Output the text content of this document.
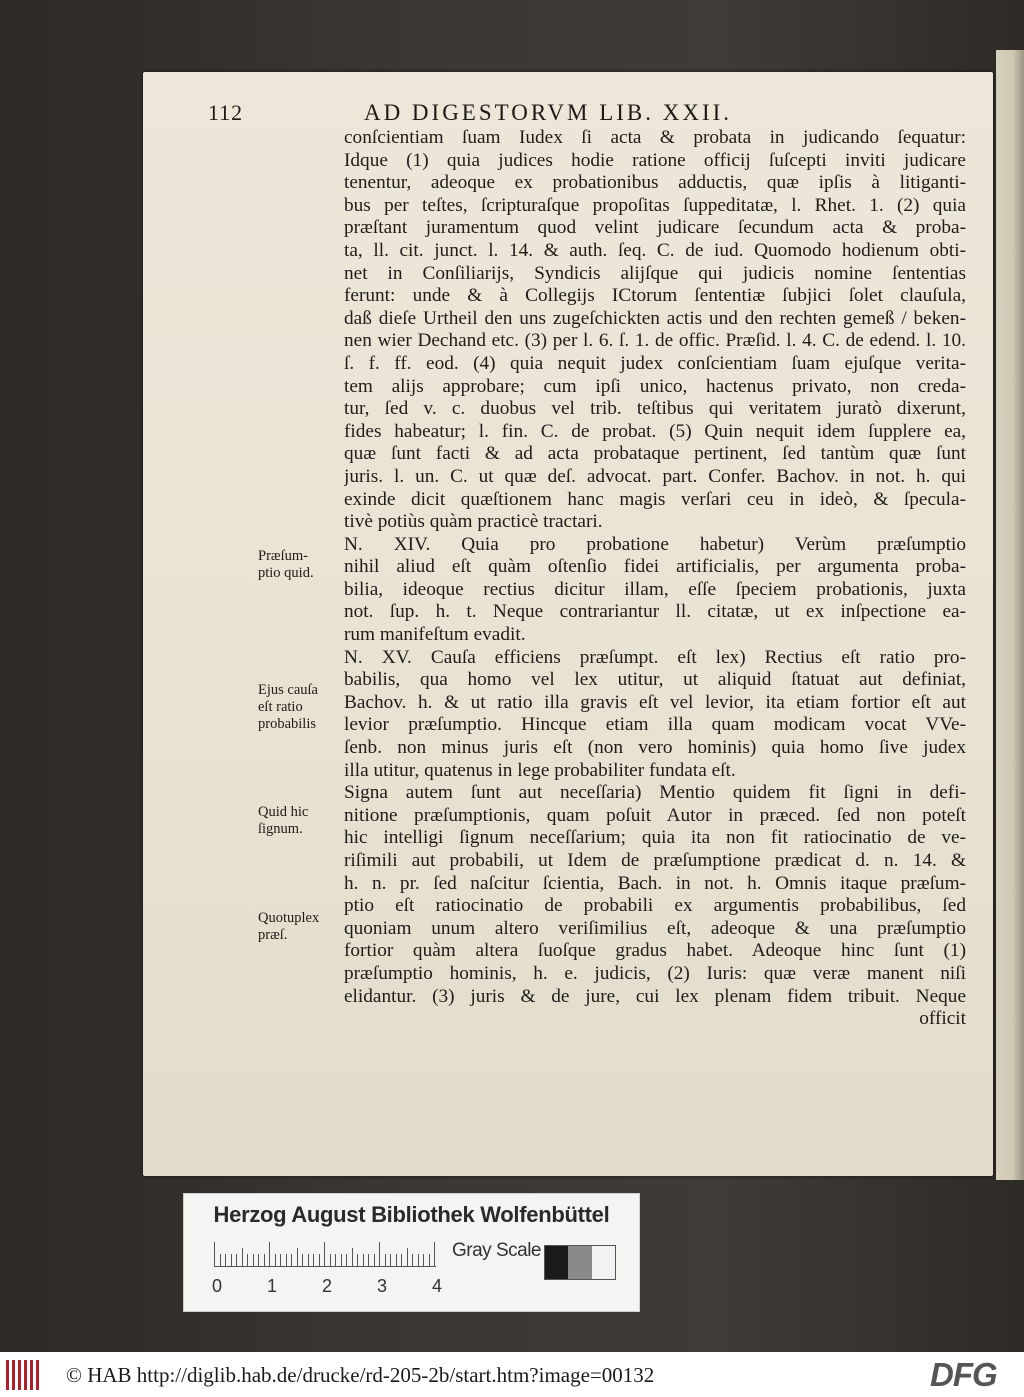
112	AD DIGESTORVM LIB. XXII.
conſcientiam ſuam Iudex ſi acta & probata in judicando ſequatur:
Idque (1) quia judices hodie ratione officij ſuſcepti inviti judicare
tenentur, adeoque ex probationibus adductis, quæ ipſis à litiganti-
bus per teſtes, ſcripturaſque propoſitas ſuppeditatæ, l. Rhet. 1. (2) quia
præſtant juramentum quod velint judicare ſecundum acta & proba-
ta, ll. cit. junct. l. 14. & auth. ſeq. C. de iud. Quomodo hodienum obti-
net in Conſiliarijs, Syndicis alijſque qui judicis nomine ſententias
ferunt: unde & à Collegijs ICtorum ſententiæ ſubjici ſolet clauſula,
daß dieſe Urtheil den uns zugeſchickten actis und den rechten gemeß / beken-
nen wier Dechand etc. (3) per l. 6. ſ. 1. de offic. Præſid. l. 4. C. de edend. l. 10.
ſ. f. ff. eod. (4) quia nequit judex conſcientiam ſuam ejuſque verita-
tem alijs approbare; cum ipſi unico, hactenus privato, non creda-
tur, ſed v. c. duobus vel trib. teſtibus qui veritatem juratò dixerunt,
fides habeatur; l. fin. C. de probat. (5) Quin nequit idem ſupplere ea,
quæ ſunt facti & ad acta probataque pertinent, ſed tantùm quæ ſunt
juris. l. un. C. ut quæ deſ. advocat. part. Confer. Bachov. in not. h. qui
exinde dicit quæſtionem hanc magis verſari ceu in ideò, & ſpecula-
tivè potiùs quàm practicè tractari.
N. XIV. Quia pro probatione habetur) Verùm præſumptio
nihil aliud eſt quàm oſtenſio fidei artificialis, per argumenta proba-
bilia, ideoque rectius dicitur illam, eſſe ſpeciem probationis, juxta
not. ſup. h. t. Neque contrariantur ll. citatæ, ut ex inſpectione ea-
rum manifeſtum evadit.
N. XV. Cauſa efficiens præſumpt. eſt lex) Rectius eſt ratio pro-
babilis, qua homo vel lex utitur, ut aliquid ſtatuat aut definiat,
Bachov. h. & ut ratio illa gravis eſt vel levior, ita etiam fortior eſt aut
levior præſumptio. Hincque etiam illa quam modicam vocat VVe-
ſenb. non minus juris eſt (non vero hominis) quia homo ſive judex
illa utitur, quatenus in lege probabiliter fundata eſt.
Signa autem ſunt aut neceſſaria) Mentio quidem fit ſigni in defi-
nitione præſumptionis, quam poſuit Autor in præced. ſed non poteſt
hic intelligi ſignum neceſſarium; quia ita non fit ratiocinatio de ve-
riſimili aut probabili, ut Idem de præſumptione prædicat d. n. 14. &
h. n. pr. ſed naſcitur ſcientia, Bach. in not. h. Omnis itaque præſum-
ptio eſt ratiocinatio de probabili ex argumentis probabilibus, ſed
quoniam unum altero veriſimilius eſt, adeoque & una præſumptio
fortior quàm altera ſuoſque gradus habet. Adeoque hinc ſunt (1)
præſumptio hominis, h. e. judicis, (2) Iuris: quæ veræ manent niſi
elidantur. (3) juris & de jure, cui lex plenam fidem tribuit. Neque
officit
Præſum-
ptio quid.
Ejus cauſa
eſt ratio
probabilis
Quid hic
ſignum.
Quotuplex
præſ.
Herzog August Bibliothek Wolfenbüttel
0 1 2 3 4
Gray Scale
© HAB http://diglib.hab.de/drucke/rd-205-2b/start.htm?image=00132	DFG
